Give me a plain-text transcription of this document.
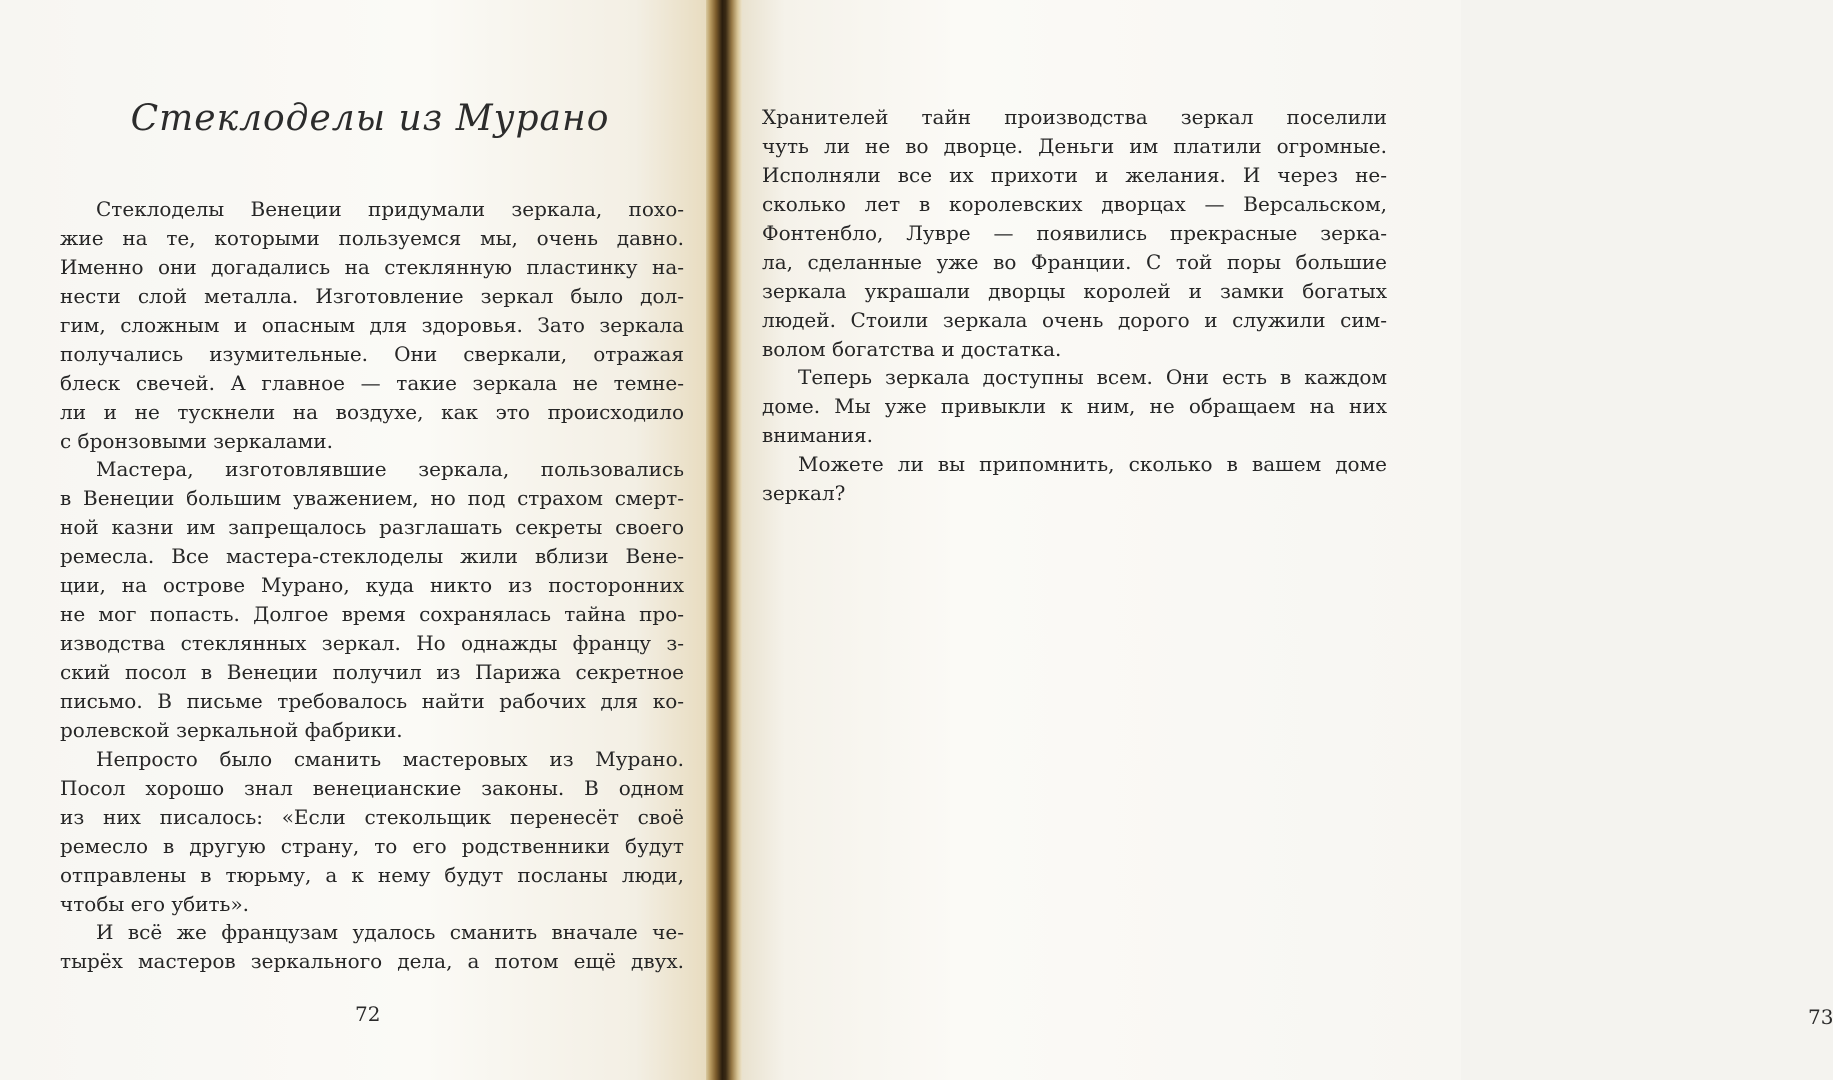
Стеклоделы из Мурано
Стеклоделы Венеции придумали зеркала, похо-
жие на те, которыми пользуемся мы, очень давно.
Именно они догадались на стеклянную пластинку на-
нести слой металла. Изготовление зеркал было дол-
гим, сложным и опасным для здоровья. Зато зеркала
получались изумительные. Они сверкали, отражая
блеск свечей. А главное — такие зеркала не темне-
ли и не тускнели на воздухе, как это происходило
с бронзовыми зеркалами.
Мастера, изготовлявшие зеркала, пользовались
в Венеции большим уважением, но под страхом смерт-
ной казни им запрещалось разглашать секреты своего
ремесла. Все мастера-стеклоделы жили вблизи Вене-
ции, на острове Мурано, куда никто из посторонних
не мог попасть. Долгое время сохранялась тайна про-
изводства стеклянных зеркал. Но однажды францу з-
ский посол в Венеции получил из Парижа секретное
письмо. В письме требовалось найти рабочих для ко-
ролевской зеркальной фабрики.
Непросто было сманить мастеровых из Мурано.
Посол хорошо знал венецианские законы. В одном
из них писалось: «Если стекольщик перенесёт своё
ремесло в другую страну, то его родственники будут
отправлены в тюрьму, а к нему будут посланы люди,
чтобы его убить».
И всё же французам удалось сманить вначале че-
тырёх мастеров зеркального дела, а потом ещё двух.
72	73
Хранителей тайн производства зеркал поселили
чуть ли не во дворце. Деньги им платили огромные.
Исполняли все их прихоти и желания. И через не-
сколько лет в королевских дворцах — Версальском,
Фонтенбло, Лувре — появились прекрасные зерка-
ла, сделанные уже во Франции. С той поры большие
зеркала украшали дворцы королей и замки богатых
людей. Стоили зеркала очень дорого и служили сим-
волом богатства и достатка.
Теперь зеркала доступны всем. Они есть в каждом
доме. Мы уже привыкли к ним, не обращаем на них
внимания.
Можете ли вы припомнить, сколько в вашем доме
зеркал?
